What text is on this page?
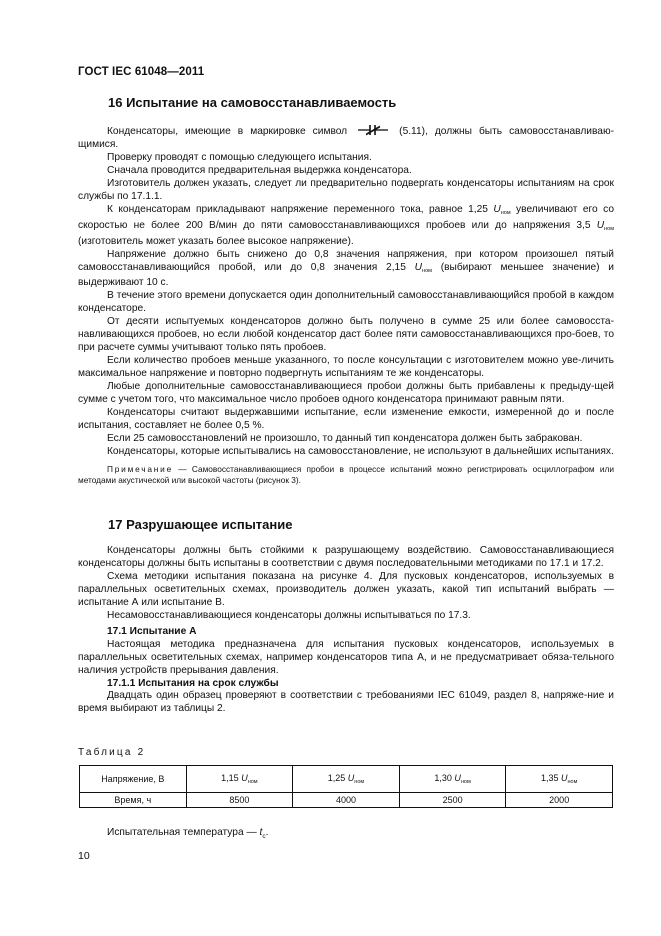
ГОСТ IEC 61048—2011
16 Испытание на самовосстанавливаемость

Конденсаторы, имеющие в маркировке символ	(5.11), должны быть самовосстанавливаю-щимися.

Проверку проводят с помощью следующего испытания.

Сначала проводится предварительная выдержка конденсатора.

Изготовитель должен указать, следует ли предварительно подвергать конденсаторы испытаниям на срок службы по 17.1.1.

К конденсаторам прикладывают напряжение переменного тока, равное 1,25 $U_{ном}$ увеличивают его со скоростью не более 200 В/мин до пяти самовосстанавливающихся пробоев или до напряжения 3,5 $U_{ном}$ (изготовитель может указать более высокое напряжение).

Напряжение должно быть снижено до 0,8 значения напряжения, при котором произошел пятый самовосстанавливающийся пробой, или до 0,8 значения 2,15 $U_{ном}$ (выбирают меньшее значение) и выдерживают 10 с.

В течение этого времени допускается один дополнительный самовосстанавливающийся пробой в каждом конденсаторе.

От десяти испытуемых конденсаторов должно быть получено в сумме 25 или более самовосста-навливающихся пробоев, но если любой конденсатор даст более пяти самовосстанавливающихся про-боев, то при расчете суммы учитывают только пять пробоев.

Если количество пробоев меньше указанного, то после консультации с изготовителем можно уве-личить максимальное напряжение и повторно подвергнуть испытаниям те же конденсаторы.

Любые дополнительные самовосстанавливающиеся пробои должны быть прибавлены к предыду-щей сумме с учетом того, что максимальное число пробоев одного конденсатора принимают равным пяти.

Конденсаторы считают выдержавшими испытание, если изменение емкости, измеренной до и после испытания, составляет не более 0,5 %.

Если 25 самовосстановлений не произошло, то данный тип конденсатора должен быть забракован.

Конденсаторы, которые испытывались на самовосстановление, не используют в дальнейших испытаниях.

Примечание — Самовосстанавливающиеся пробои в процессе испытаний можно регистрировать осциллографом или методами акустической или высокой частоты (рисунок 3).

17 Разрушающее испытание

Конденсаторы должны быть стойкими к разрушающему воздействию. Самовосстанавливающиеся конденсаторы должны быть испытаны в соответствии с двумя последовательными методиками по 17.1 и 17.2.

Схема методики испытания показана на рисунке 4. Для пусковых конденсаторов, используемых в параллельных осветительных схемах, производитель должен указать, какой тип испытаний выбрать — испытание А или испытание В.

Несамовосстанавливающиеся конденсаторы должны испытываться по 17.3.

17.1 Испытание А

Настоящая методика предназначена для испытания пусковых конденсаторов, используемых в параллельных осветительных схемах, например конденсаторов типа А, и не предусматривает обяза-тельного наличия устройств прерывания давления.

17.1.1 Испытания на срок службы

Двадцать один образец проверяют в соответствии с требованиями IEC 61049, раздел 8, напряже-ние и время выбирают из таблицы 2.

Таблица 2
Напряжение, В	1,15 $U_{ном}$	1,25 $U_{ном}$	1,30 $U_{ном}$	1,35 $U_{ном}$
Время, ч	8500	4000	2500	2000
Испытательная температура — $t_c$.
10
